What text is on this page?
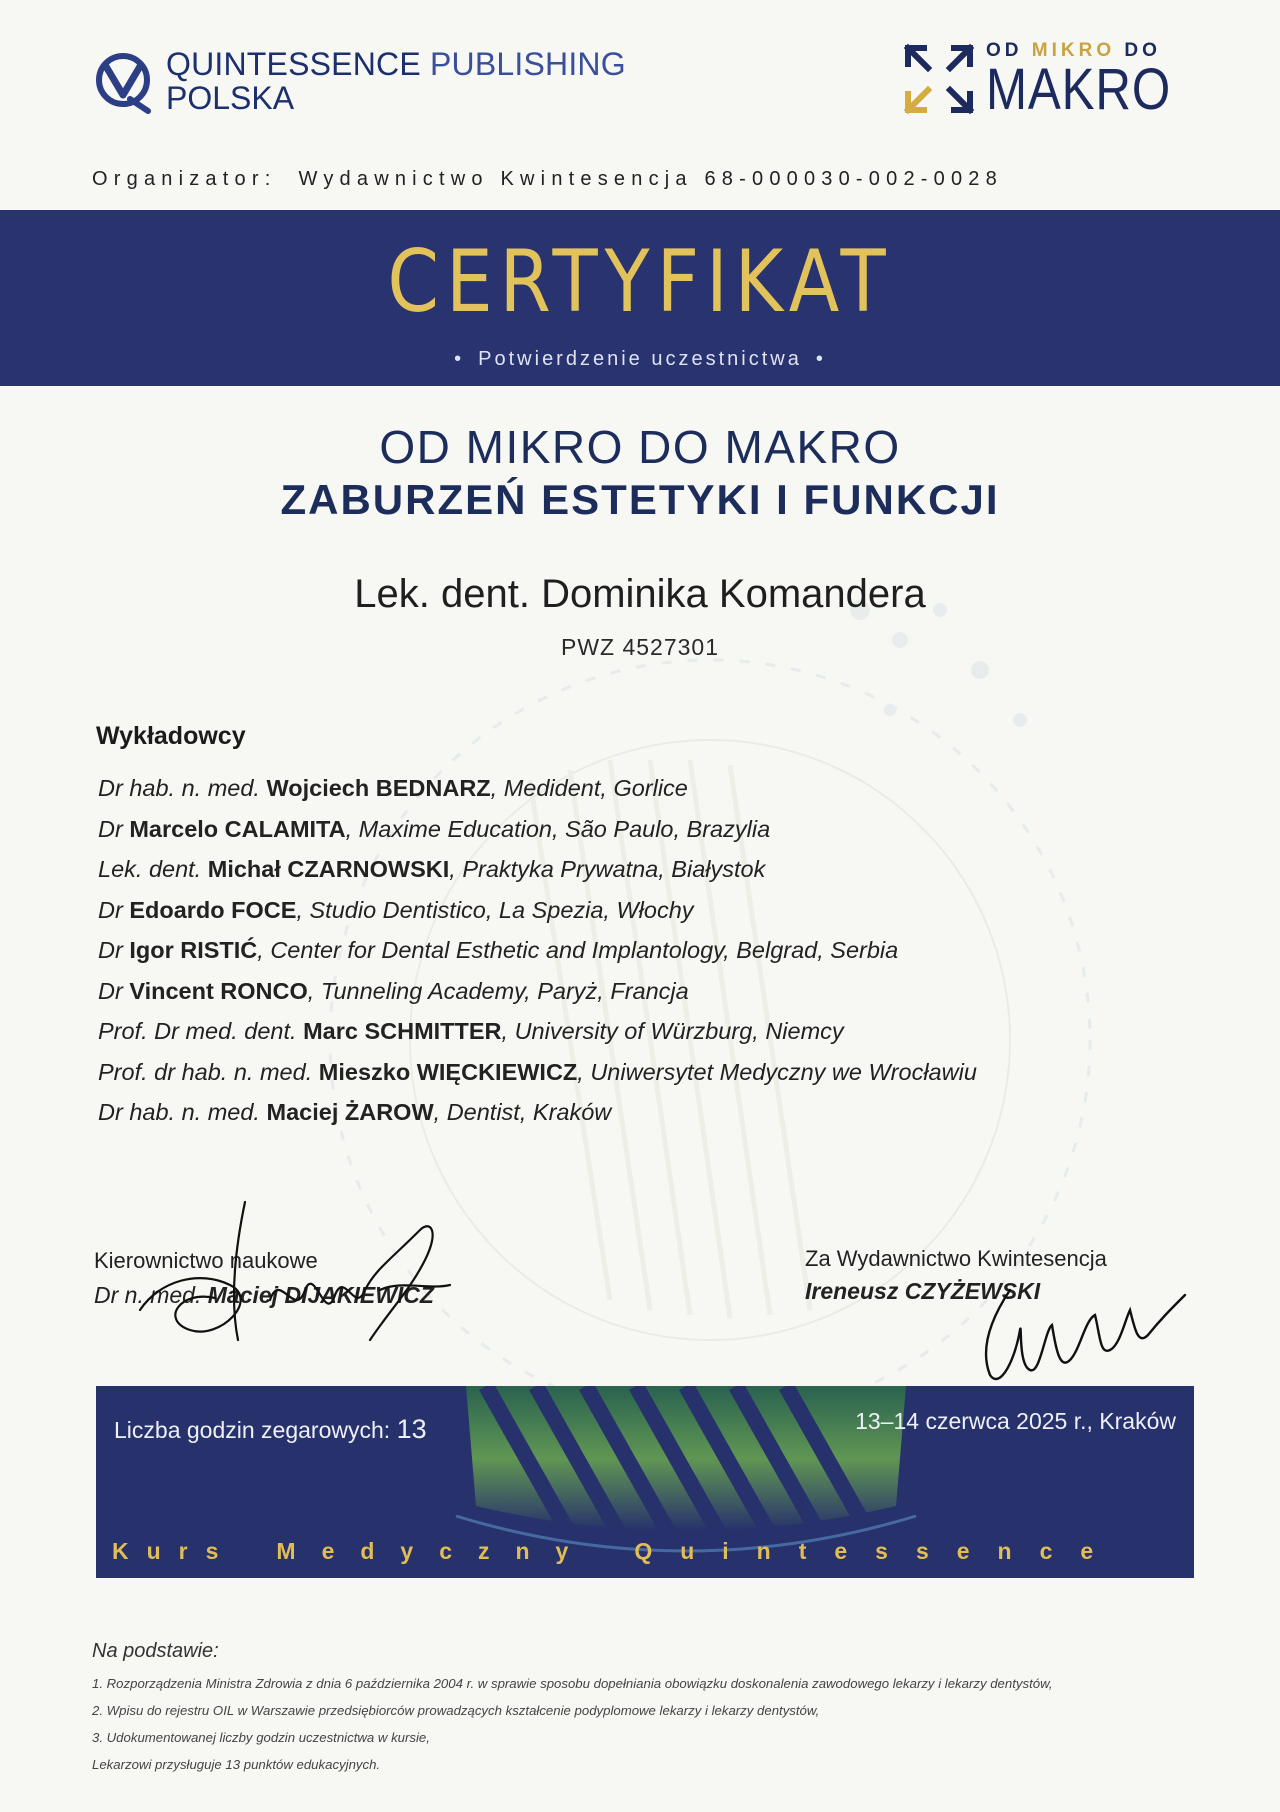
QUINTESSENCE PUBLISHING
POLSKA
OD MIKRO DO
MAKRO
Organizator: Wydawnictwo Kwintesencja 68-000030-002-0028
CERTYFIKAT
• Potwierdzenie uczestnictwa •
OD MIKRO DO MAKRO
ZABURZEŃ ESTETYKI I FUNKCJI
Lek. dent. Dominika Komandera
PWZ 4527301
Wykładowcy
Dr hab. n. med. Wojciech BEDNARZ, Medident, Gorlice
Dr Marcelo CALAMITA, Maxime Education, São Paulo, Brazylia
Lek. dent. Michał CZARNOWSKI, Praktyka Prywatna, Białystok
Dr Edoardo FOCE, Studio Dentistico, La Spezia, Włochy
Dr Igor RISTIĆ, Center for Dental Esthetic and Implantology, Belgrad, Serbia
Dr Vincent RONCO, Tunneling Academy, Paryż, Francja
Prof. Dr med. dent. Marc SCHMITTER, University of Würzburg, Niemcy
Prof. dr hab. n. med. Mieszko WIĘCKIEWICZ, Uniwersytet Medyczny we Wrocławiu
Dr hab. n. med. Maciej ŻAROW, Dentist, Kraków
Kierownictwo naukowe
Dr n. med. Maciej DIJAKIEWICZ
Za Wydawnictwo Kwintesencja
Ireneusz CZYŻEWSKI
Liczba godzin zegarowych: 13	13–14 czerwca 2025 r., Kraków
Kurs Medyczny Quintessence
Na podstawie:
1. Rozporządzenia Ministra Zdrowia z dnia 6 października 2004 r. w sprawie sposobu dopełniania obowiązku doskonalenia zawodowego lekarzy i lekarzy dentystów,
2. Wpisu do rejestru OIL w Warszawie przedsiębiorców prowadzących kształcenie podyplomowe lekarzy i lekarzy dentystów,
3. Udokumentowanej liczby godzin uczestnictwa w kursie,
Lekarzowi przysługuje 13 punktów edukacyjnych.
